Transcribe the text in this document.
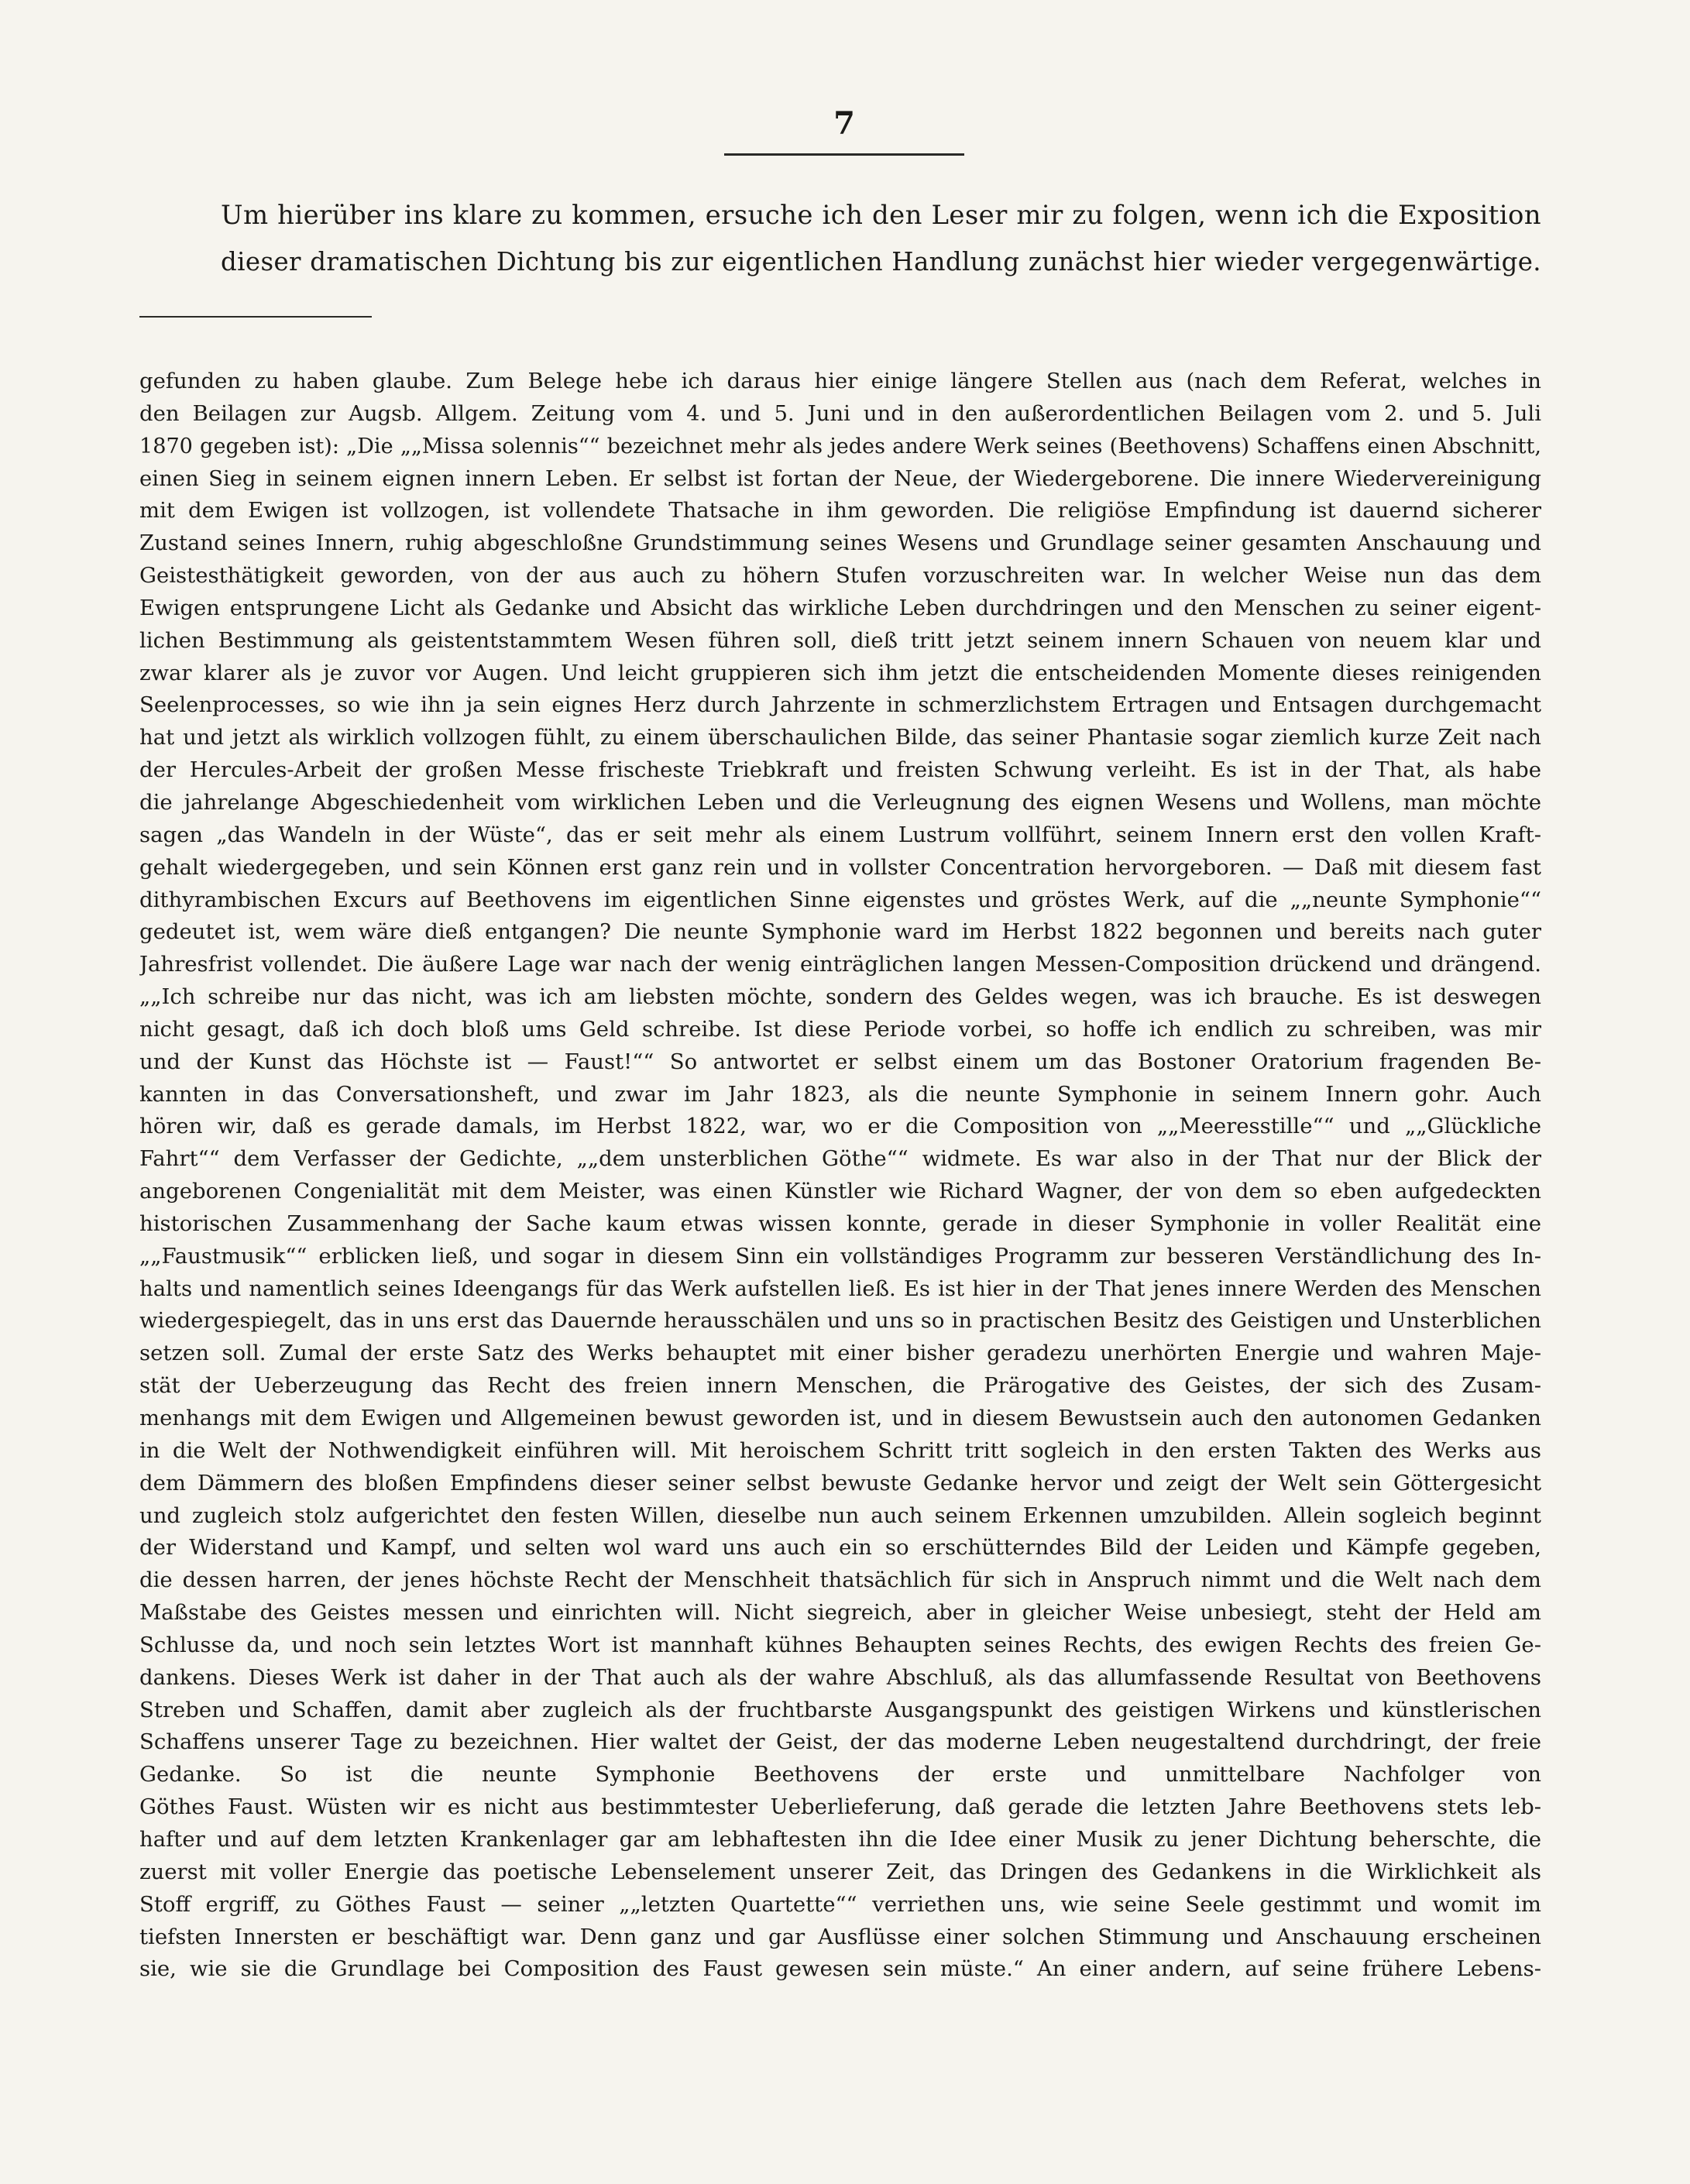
7
Um hierüber ins klare zu kommen, ersuche ich den Leser mir zu folgen, wenn ich die Exposition
dieser dramatischen Dichtung bis zur eigentlichen Handlung zunächst hier wieder vergegenwärtige.
gefunden zu haben glaube. Zum Belege hebe ich daraus hier einige längere Stellen aus (nach dem Referat, welches in
den Beilagen zur Augsb. Allgem. Zeitung vom 4. und 5. Juni und in den außerordentlichen Beilagen vom 2. und 5. Juli
1870 gegeben ist): „Die „„Missa solennis““ bezeichnet mehr als jedes andere Werk seines (Beethovens) Schaffens einen Abschnitt,
einen Sieg in seinem eignen innern Leben. Er selbst ist fortan der Neue, der Wiedergeborene. Die innere Wiedervereinigung
mit dem Ewigen ist vollzogen, ist vollendete Thatsache in ihm geworden. Die religiöse Empfindung ist dauernd sicherer
Zustand seines Innern, ruhig abgeschloßne Grundstimmung seines Wesens und Grundlage seiner gesamten Anschauung und
Geistesthätigkeit geworden, von der aus auch zu höhern Stufen vorzuschreiten war. In welcher Weise nun das dem
Ewigen entsprungene Licht als Gedanke und Absicht das wirkliche Leben durchdringen und den Menschen zu seiner eigent-
lichen Bestimmung als geistentstammtem Wesen führen soll, dieß tritt jetzt seinem innern Schauen von neuem klar und
zwar klarer als je zuvor vor Augen. Und leicht gruppieren sich ihm jetzt die entscheidenden Momente dieses reinigenden
Seelenprocesses, so wie ihn ja sein eignes Herz durch Jahrzente in schmerzlichstem Ertragen und Entsagen durchgemacht
hat und jetzt als wirklich vollzogen fühlt, zu einem überschaulichen Bilde, das seiner Phantasie sogar ziemlich kurze Zeit nach
der Hercules-Arbeit der großen Messe frischeste Triebkraft und freisten Schwung verleiht. Es ist in der That, als habe
die jahrelange Abgeschiedenheit vom wirklichen Leben und die Verleugnung des eignen Wesens und Wollens, man möchte
sagen „das Wandeln in der Wüste“, das er seit mehr als einem Lustrum vollführt, seinem Innern erst den vollen Kraft-
gehalt wiedergegeben, und sein Können erst ganz rein und in vollster Concentration hervorgeboren. — Daß mit diesem fast
dithyrambischen Excurs auf Beethovens im eigentlichen Sinne eigenstes und gröstes Werk, auf die „„neunte Symphonie““
gedeutet ist, wem wäre dieß entgangen? Die neunte Symphonie ward im Herbst 1822 begonnen und bereits nach guter
Jahresfrist vollendet. Die äußere Lage war nach der wenig einträglichen langen Messen-Composition drückend und drängend.
„„Ich schreibe nur das nicht, was ich am liebsten möchte, sondern des Geldes wegen, was ich brauche. Es ist deswegen
nicht gesagt, daß ich doch bloß ums Geld schreibe. Ist diese Periode vorbei, so hoffe ich endlich zu schreiben, was mir
und der Kunst das Höchste ist — Faust!““ So antwortet er selbst einem um das Bostoner Oratorium fragenden Be-
kannten in das Conversationsheft, und zwar im Jahr 1823, als die neunte Symphonie in seinem Innern gohr. Auch
hören wir, daß es gerade damals, im Herbst 1822, war, wo er die Composition von „„Meeresstille““ und „„Glückliche
Fahrt““ dem Verfasser der Gedichte, „„dem unsterblichen Göthe““ widmete. Es war also in der That nur der Blick der
angeborenen Congenialität mit dem Meister, was einen Künstler wie Richard Wagner, der von dem so eben aufgedeckten
historischen Zusammenhang der Sache kaum etwas wissen konnte, gerade in dieser Symphonie in voller Realität eine
„„Faustmusik““ erblicken ließ, und sogar in diesem Sinn ein vollständiges Programm zur besseren Verständlichung des In-
halts und namentlich seines Ideengangs für das Werk aufstellen ließ. Es ist hier in der That jenes innere Werden des Menschen
wiedergespiegelt, das in uns erst das Dauernde herausschälen und uns so in practischen Besitz des Geistigen und Unsterblichen
setzen soll. Zumal der erste Satz des Werks behauptet mit einer bisher geradezu unerhörten Energie und wahren Maje-
stät der Ueberzeugung das Recht des freien innern Menschen, die Prärogative des Geistes, der sich des Zusam-
menhangs mit dem Ewigen und Allgemeinen bewust geworden ist, und in diesem Bewustsein auch den autonomen Gedanken
in die Welt der Nothwendigkeit einführen will. Mit heroischem Schritt tritt sogleich in den ersten Takten des Werks aus
dem Dämmern des bloßen Empfindens dieser seiner selbst bewuste Gedanke hervor und zeigt der Welt sein Göttergesicht
und zugleich stolz aufgerichtet den festen Willen, dieselbe nun auch seinem Erkennen umzubilden. Allein sogleich beginnt
der Widerstand und Kampf, und selten wol ward uns auch ein so erschütterndes Bild der Leiden und Kämpfe gegeben,
die dessen harren, der jenes höchste Recht der Menschheit thatsächlich für sich in Anspruch nimmt und die Welt nach dem
Maßstabe des Geistes messen und einrichten will. Nicht siegreich, aber in gleicher Weise unbesiegt, steht der Held am
Schlusse da, und noch sein letztes Wort ist mannhaft kühnes Behaupten seines Rechts, des ewigen Rechts des freien Ge-
dankens. Dieses Werk ist daher in der That auch als der wahre Abschluß, als das allumfassende Resultat von Beethovens
Streben und Schaffen, damit aber zugleich als der fruchtbarste Ausgangspunkt des geistigen Wirkens und künstlerischen
Schaffens unserer Tage zu bezeichnen. Hier waltet der Geist, der das moderne Leben neugestaltend durchdringt, der freie
Gedanke. So ist die neunte Symphonie Beethovens der erste und unmittelbare Nachfolger von
Göthes Faust. Wüsten wir es nicht aus bestimmtester Ueberlieferung, daß gerade die letzten Jahre Beethovens stets leb-
hafter und auf dem letzten Krankenlager gar am lebhaftesten ihn die Idee einer Musik zu jener Dichtung beherschte, die
zuerst mit voller Energie das poetische Lebenselement unserer Zeit, das Dringen des Gedankens in die Wirklichkeit als
Stoff ergriff, zu Göthes Faust — seiner „„letzten Quartette““ verriethen uns, wie seine Seele gestimmt und womit im
tiefsten Innersten er beschäftigt war. Denn ganz und gar Ausflüsse einer solchen Stimmung und Anschauung erscheinen
sie, wie sie die Grundlage bei Composition des Faust gewesen sein müste.“ An einer andern, auf seine frühere Lebens-
